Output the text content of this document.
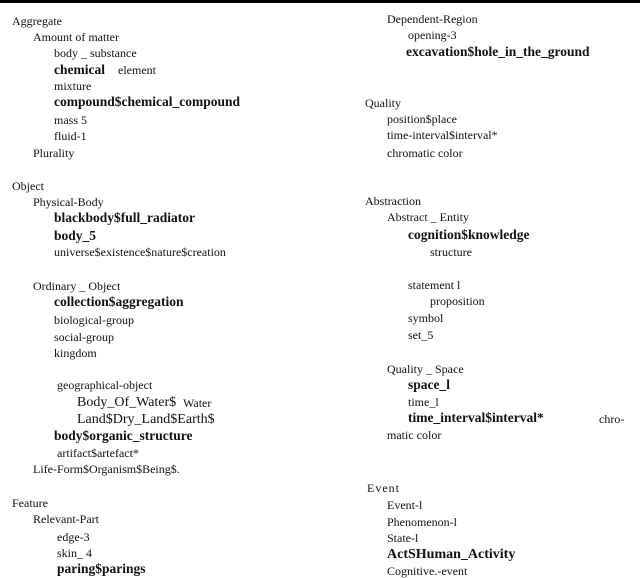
Aggregate
Amount of matter
body _ substance
chemical element
mixture
compound$chemical_compound
mass 5
fluid-1
Plurality
Object
Physical-Body
blackbody$full_radiator
body_5
universe$existence$nature$creation
Ordinary _ Object
collection$aggregation
biological-group
social-group
kingdom
geographical-object
Body_Of_Water$ Water
Land$Dry_Land$Earth$
body$organic_structure
artifact$artefact*
Life-Form$Organism$Being$.
Feature
Relevant-Part
edge-3
skin_ 4
paring$parings
Dependent-Region
opening-3
excavation$hole_in_the_ground
Quality
position$place
time-interval$interval*
chromatic color
Abstraction
Abstract _ Entity
cognition$knowledge
structure
statement l
proposition
symbol
set_5
Quality _ Space
space_l
time_l
time_interval$interval*	chro-
matic color
Event
Event-l
Phenomenon-l
State-l
ActSHuman_Activity
Cognitive.-event
